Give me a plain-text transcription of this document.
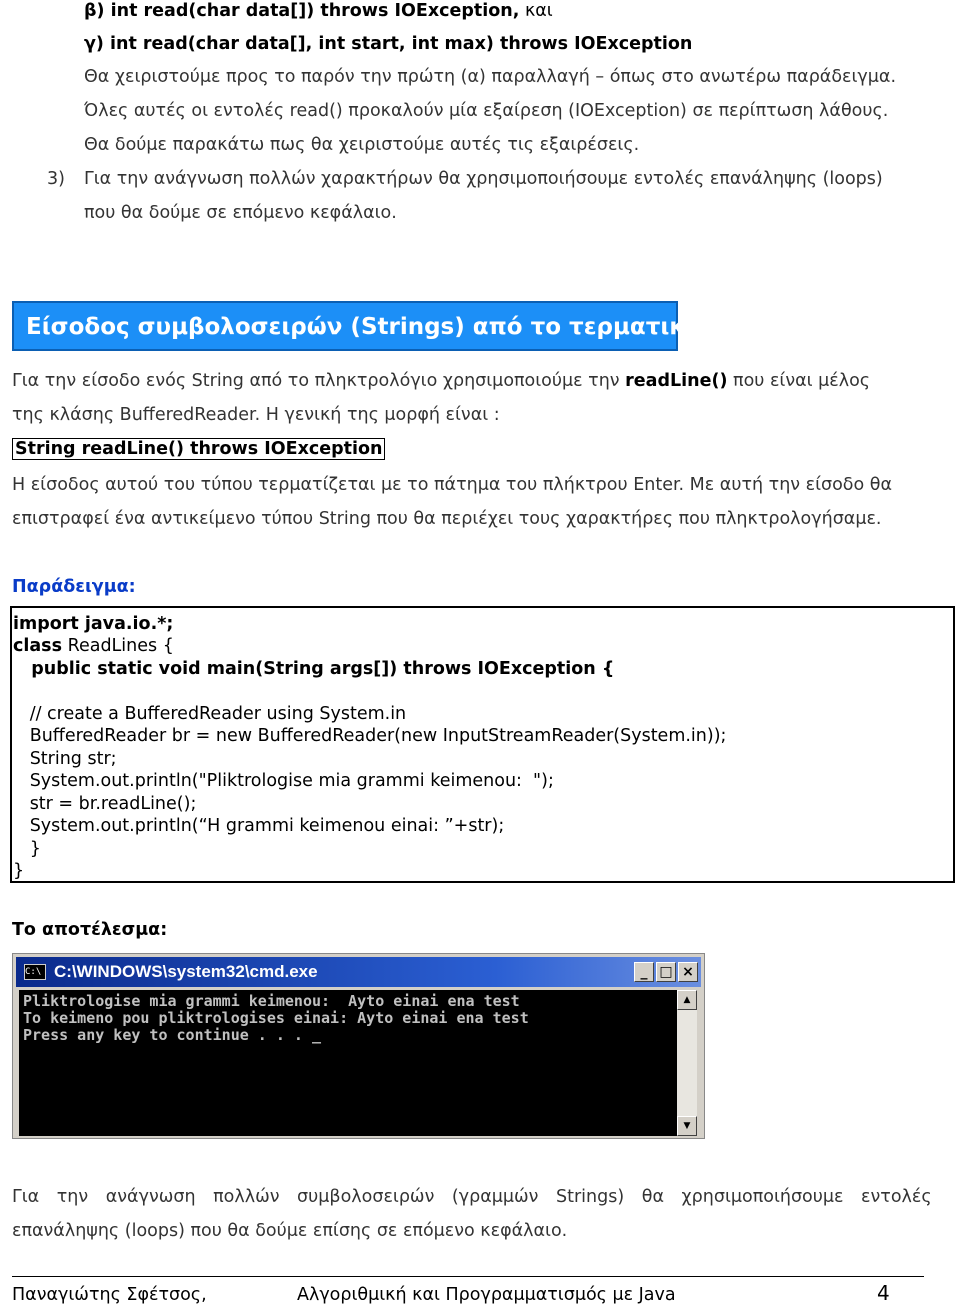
β) int read(char data[]) throws IOException, και
γ) int read(char data[], int start, int max) throws IOException
Θα χειριστούμε προς το παρόν την πρώτη (α) παραλλαγή – όπως στο ανωτέρω παράδειγμα.
Όλες αυτές οι εντολές read() προκαλούν μία εξαίρεση (IOException) σε περίπτωση λάθους.
Θα δούμε παρακάτω πως θα χειριστούμε αυτές τις εξαιρέσεις.
3) Για την ανάγνωση πολλών χαρακτήρων θα χρησιμοποιήσουμε εντολές επανάληψης (loops)
που θα δούμε σε επόμενο κεφάλαιο.
Είσοδος συμβολοσειρών (Strings) από το τερματικό
Για την είσοδο ενός String από το πληκτρολόγιο χρησιμοποιούμε την readLine() που είναι μέλος
της κλάσης BufferedReader. Η γενική της μορφή είναι :
String readLine() throws IOException
Η είσοδος αυτού του τύπου τερματίζεται με το πάτημα του πλήκτρου Enter. Με αυτή την είσοδο θα
επιστραφεί ένα αντικείμενο τύπου String που θα περιέχει τους χαρακτήρες που πληκτρολογήσαμε.
Παράδειγμα:
import java.io.*;
class ReadLines {
public static void main(String args[]) throws IOException {
// create a BufferedReader using System.in
BufferedReader br = new BufferedReader(new InputStreamReader(System.in));
String str;
System.out.println("Pliktrologise mia grammi keimenou:  ");
str = br.readLine();
System.out.println(“H grammi keimenou einai: ”+str);
}
}
Το αποτέλεσμα:
C:\ C:\WINDOWS\system32\cmd.exe	_ □ ×
Pliktrologise mia grammi keimenou:  Ayto einai ena test
To keimeno pou pliktrologises einai: Ayto einai ena test
Press any key to continue . . . _
▲
▼
Για την ανάγνωση πολλών συμβολοσειρών (γραμμών Strings) θα χρησιμοποιήσουμε εντολές
επανάληψης (loops) που θα δούμε επίσης σε επόμενο κεφάλαιο.
Παναγιώτης Σφέτσος,	Αλγοριθμική και Προγραμματισμός με Java	4
